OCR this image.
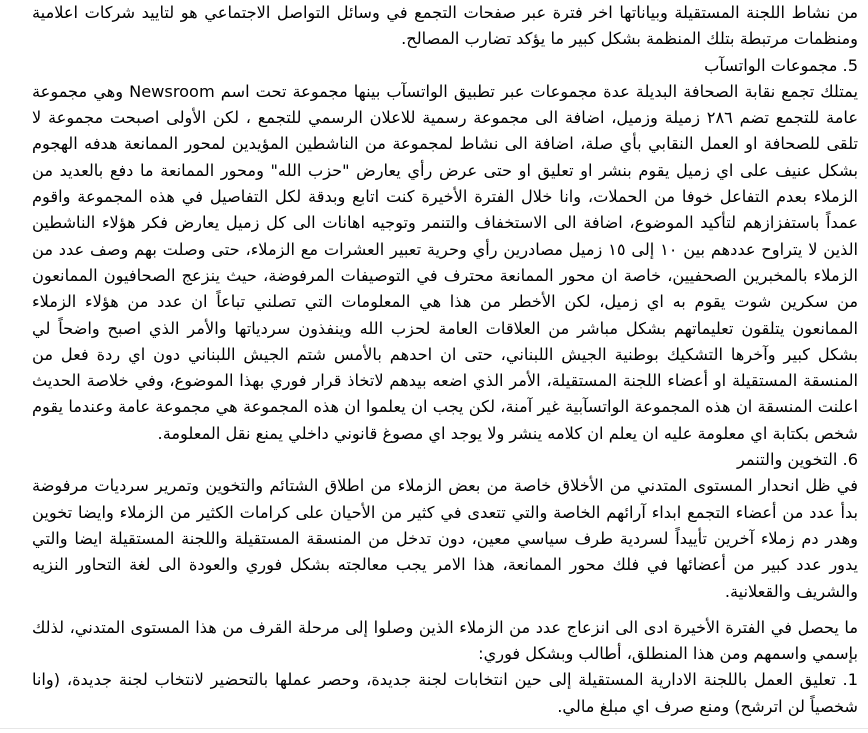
من نشاط اللجنة المستقيلة وبياناتها اخر فترة عبر صفحات التجمع في وسائل التواصل الاجتماعي هو لتاييد شركات اعلامية ومنظمات مرتبطة بتلك المنظمة بشكل كبير ما يؤكد تضارب المصالح.

5. مجموعات الواتسآب

يمتلك تجمع نقابة الصحافة البديلة عدة مجموعات عبر تطبيق الواتسآب بينها مجموعة تحت اسم Newsroom وهي مجموعة عامة للتجمع تضم ٢٨٦ زميلة وزميل، اضافة الى مجموعة رسمية للاعلان الرسمي للتجمع ، لكن الأولى اصبحت مجموعة لا تلقى للصحافة او العمل النقابي بأي صلة، اضافة الى نشاط لمجموعة من الناشطين المؤيدين لمحور الممانعة هدفه الهجوم بشكل عنيف على اي زميل يقوم بنشر او تعليق او حتى عرض رأي يعارض "حزب الله" ومحور الممانعة ما دفع بالعديد من الزملاء بعدم التفاعل خوفا من الحملات، وانا خلال الفترة الأخيرة كنت اتابع وبدقة لكل التفاصيل في هذه المجموعة واقوم عمداً باستفزازهم لتأكيد الموضوع، اضافة الى الاستخفاف والتنمر وتوجيه اهانات الى كل زميل يعارض فكر هؤلاء الناشطين الذين لا يتراوح عددهم بين ١٠ إلى ١٥ زميل مصادرين رأي وحرية تعبير العشرات مع الزملاء، حتى وصلت بهم وصف عدد من الزملاء بالمخبرين الصحفيين، خاصة ان محور الممانعة محترف في التوصيفات المرفوضة، حيث ينزعج الصحافيون الممانعون من سكرين شوت يقوم به اي زميل، لكن الأخطر من هذا هي المعلومات التي تصلني تباعاً ان عدد من هؤلاء الزملاء الممانعون يتلقون تعليماتهم بشكل مباشر من العلاقات العامة لحزب الله وينفذون سردياتها والأمر الذي اصبح واضحاً لي بشكل كبير وآخرها التشكيك بوطنية الجيش اللبناني، حتى ان احدهم بالأمس شتم الجيش اللبناني دون اي ردة فعل من المنسقة المستقيلة او أعضاء اللجنة المستقيلة، الأمر الذي اضعه بيدهم لاتخاذ قرار فوري بهذا الموضوع، وفي خلاصة الحديث اعلنت المنسقة ان هذه المجموعة الواتسآبية غير آمنة، لكن يجب ان يعلموا ان هذه المجموعة هي مجموعة عامة وعندما يقوم شخص بكتابة اي معلومة عليه ان يعلم ان كلامه ينشر ولا يوجد اي مصوغ قانوني داخلي يمنع نقل المعلومة.

6. التخوين والتنمر

في ظل انحدار المستوى المتدني من الأخلاق خاصة من بعض الزملاء من اطلاق الشتائم والتخوين وتمرير سرديات مرفوضة بدأ عدد من أعضاء التجمع ابداء آرائهم الخاصة والتي تتعدى في كثير من الأحيان على كرامات الكثير من الزملاء وايضا تخوين وهدر دم زملاء آخرين تأييداً لسردية طرف سياسي معين، دون تدخل من المنسقة المستقيلة واللجنة المستقيلة ايضا والتي يدور عدد كبير من أعضائها في فلك محور الممانعة، هذا الامر يجب معالجته بشكل فوري والعودة الى لغة التحاور النزيه والشريف والقعلانية.

ما يحصل في الفترة الأخيرة ادى الى انزعاج عدد من الزملاء الذين وصلوا إلى مرحلة القرف من هذا المستوى المتدني، لذلك بإسمي واسمهم ومن هذا المنطلق، أطالب وبشكل فوري:

1. تعليق العمل باللجنة الادارية المستقيلة إلى حين انتخابات لجنة جديدة، وحصر عملها بالتحضير لانتخاب لجنة جديدة، (وانا شخصياً لن اترشح) ومنع صرف اي مبلغ مالي.
